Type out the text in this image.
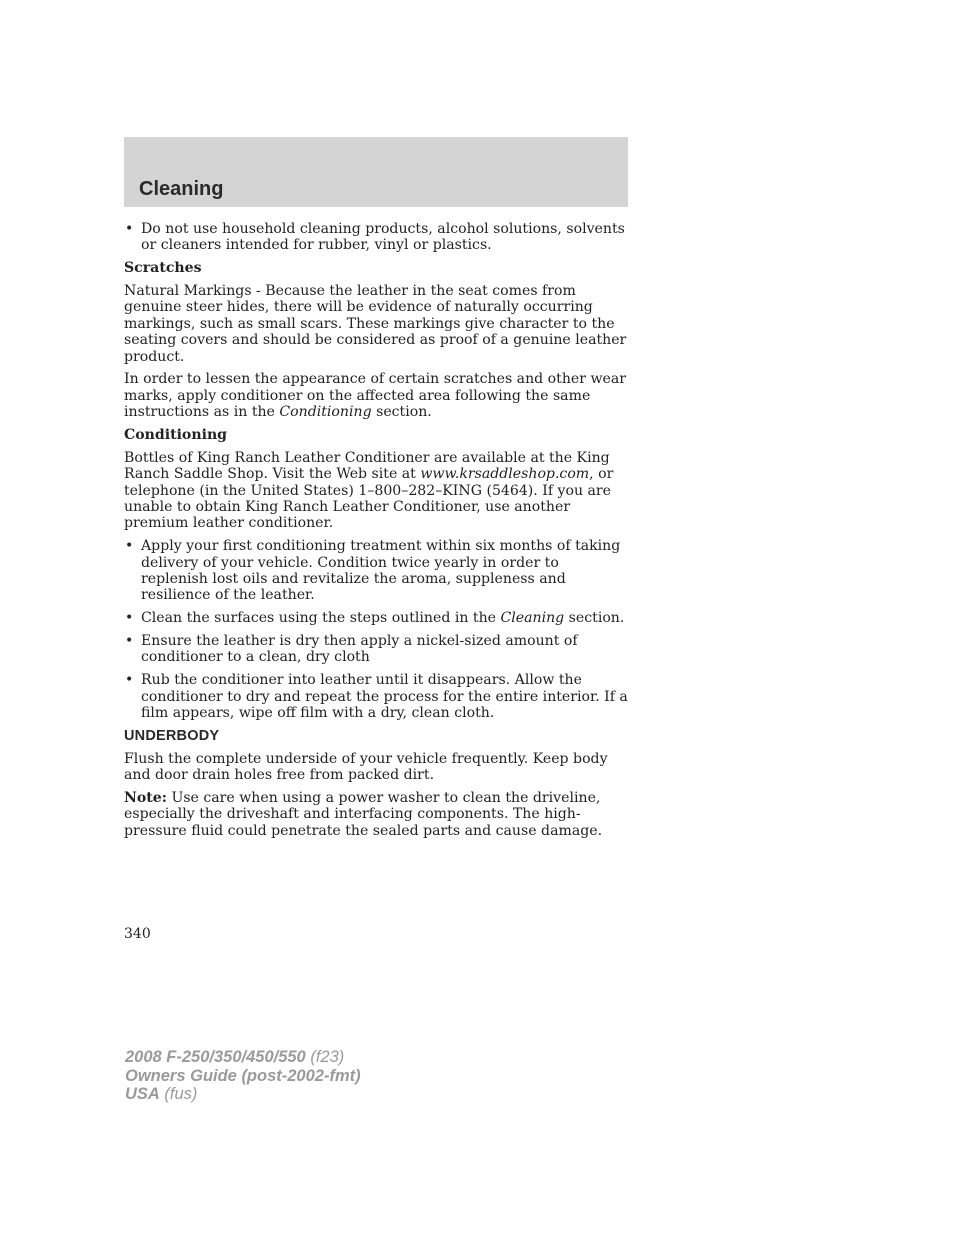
Cleaning
• Do not use household cleaning products, alcohol solutions, solvents or cleaners intended for rubber, vinyl or plastics.

Scratches

Natural Markings - Because the leather in the seat comes from genuine steer hides, there will be evidence of naturally occurring markings, such as small scars. These markings give character to the seating covers and should be considered as proof of a genuine leather product.

In order to lessen the appearance of certain scratches and other wear marks, apply conditioner on the affected area following the same instructions as in the Conditioning section.

Conditioning

Bottles of King Ranch Leather Conditioner are available at the King Ranch Saddle Shop. Visit the Web site at www.krsaddleshop.com, or telephone (in the United States) 1–800–282–KING (5464). If you are unable to obtain King Ranch Leather Conditioner, use another premium leather conditioner.

• Apply your first conditioning treatment within six months of taking delivery of your vehicle. Condition twice yearly in order to replenish lost oils and revitalize the aroma, suppleness and resilience of the leather.
• Clean the surfaces using the steps outlined in the Cleaning section.
• Ensure the leather is dry then apply a nickel-sized amount of conditioner to a clean, dry cloth
• Rub the conditioner into leather until it disappears. Allow the conditioner to dry and repeat the process for the entire interior. If a film appears, wipe off film with a dry, clean cloth.

UNDERBODY

Flush the complete underside of your vehicle frequently. Keep body and door drain holes free from packed dirt.

Note: Use care when using a power washer to clean the driveline, especially the driveshaft and interfacing components. The high-pressure fluid could penetrate the sealed parts and cause damage.

340
2008 F-250/350/450/550 (f23)
Owners Guide (post-2002-fmt)
USA (fus)
